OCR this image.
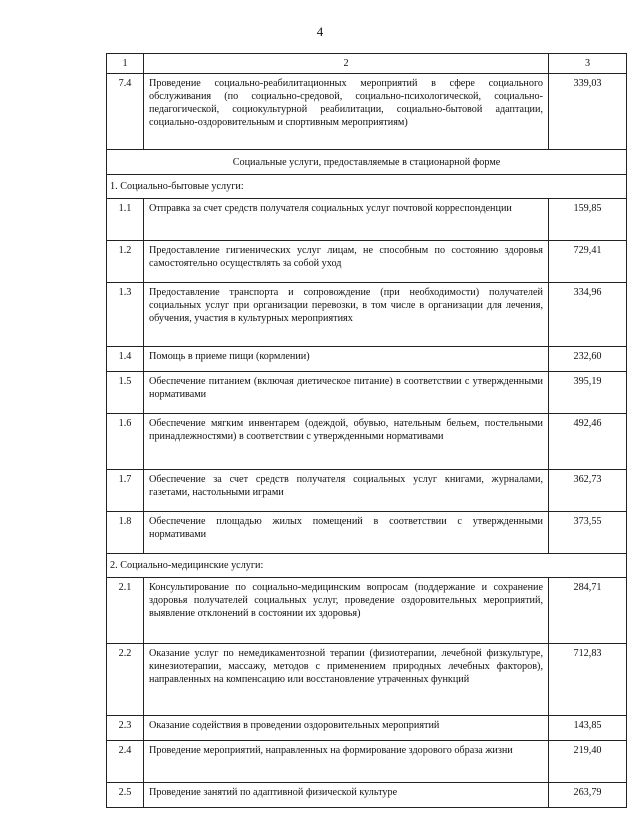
4
1	2	3
7.4	Проведение социально-реабилитационных мероприятий в сфере социального обслуживания (по социально-средовой, социально-психологической, социально-педагогической, социокультурной реабилитации, социально-бытовой адаптации, социально-оздоровительным и спортивным мероприятиям)	339,03
Социальные услуги, предоставляемые в стационарной форме		
1. Социально-бытовые услуги:		
1.1	Отправка за счет средств получателя социальных услуг почтовой корреспонденции	159,85
1.2	Предоставление гигиенических услуг лицам, не способным по состоянию здоровья самостоятельно осуществлять за собой уход	729,41
1.3	Предоставление транспорта и сопровождение (при необходимости) получателей социальных услуг при организации перевозки, в том числе в организации для лечения, обучения, участия в культурных мероприятиях	334,96
1.4	Помощь в приеме пищи (кормлении)	232,60
1.5	Обеспечение питанием (включая диетическое питание) в соответствии с утвержденными нормативами	395,19
1.6	Обеспечение мягким инвентарем (одеждой, обувью, нательным бельем, постельными принадлежностями) в соответствии с утвержденными нормативами	492,46
1.7	Обеспечение за счет средств получателя социальных услуг книгами, журналами, газетами, настольными играми	362,73
1.8	Обеспечение площадью жилых помещений в соответствии с утвержденными нормативами	373,55
2. Социально-медицинские услуги:		
2.1	Консультирование по социально-медицинским вопросам (поддержание и сохранение здоровья получателей социальных услуг, проведение оздоровительных мероприятий, выявление отклонений в состоянии их здоровья)	284,71
2.2	Оказание услуг по немедикаментозной терапии (физиотерапии, лечебной физкультуре, кинезиотерапии, массажу, методов с применением природных лечебных факторов), направленных на компенсацию или восстановление утраченных функций	712,83
2.3	Оказание содействия в проведении оздоровительных мероприятий	143,85
2.4	Проведение мероприятий, направленных на формирование здорового образа жизни	219,40
2.5	Проведение занятий по адаптивной физической культуре	263,79
